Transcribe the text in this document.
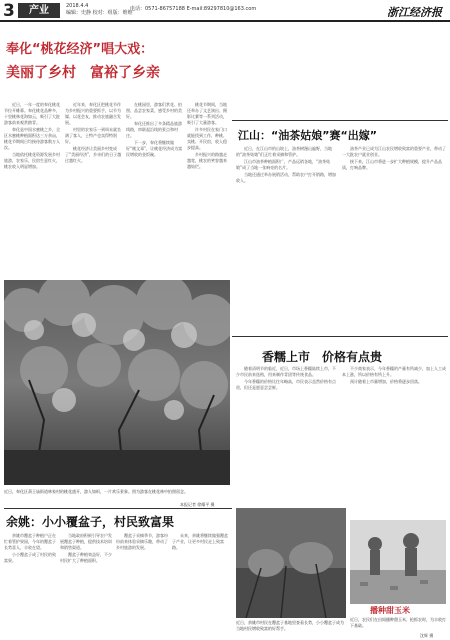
3	产业	2018.4.4
编辑：史静 校对：组版：维维
电话：0571-86757188 E-mail:89297810@163.com	浙江经济报
奉化“桃花经济”唱大戏：
美丽了乡村　富裕了乡亲

近日，一年一度的奉化桃花节拉开帷幕。奉化桃花品种多，十里桃林花海如云，吸引了大批游客前来观赏踏青。

奉化是中国水蜜桃之乡，全区水蜜桃种植面积达三万余亩，桃花节期间日均接待游客数万人次。

当地依托桃花资源发展乡村旅游，农家乐、民宿生意红火，桃农收入明显增加。

近年来，奉化区把桃花节作为乡村振兴的重要抓手，以节为媒、以花会友，推动农旅融合发展。

村里的农家乐一到周末就坐满了客人，土特产也卖得特别好。

桃花经济让美丽乡村变成了“美丽经济”，乡亲们的日子越过越红火。

在桃园里，游客们赏花、拍照、品尝农家菜，感受乡村的美好。

奉化还推出了多条精品旅游线路，串联起沿线的景点和村庄。

下一步，奉化将继续做好“桃文章”，让桃花经济成为富民增收的金饭碗。

桃花节期间，当地还举办了文艺演出、摄影比赛等一系列活动，吸引了大量游客。

许多村民在家门口就能找到工作，种桃、卖桃、开民宿，收入稳步提高。

乡村振兴的路越走越宽，桃农的笑容越来越灿烂。

江山：“油茶姑娘”赛“出嫁”

近日，在江山市的山坡上，油茶树漫山遍野，当地的“油茶姑娘”们正忙着采摘和管护。

江山市油茶种植面积广，产品远销各地，“油茶姑娘”成了当地一张响亮的名片。

当地还通过举办展销活动，帮助农户打开销路，增加收入。

油茶产业已成为江山农民增收致富的重要产业，带动了一大批农户就业创业。

接下来，江山市将进一步扩大种植规模，提升产品品质，打响品牌。

近日，奉化区萧王庙街道林家村的桃花盛开，游人如织，一片欢乐景象。图为游客在桃花林中拍照留念。
本报记者 徐耀平 摄
香糯上市　价格有点贵

随着清明节的临近，近日，市场上香糯陆续上市，不少市民前来选购，用来制作青团等传统食品。

今年香糯的价格比往年略高，市民表示虽然价格有点贵，但还是愿意尝尝鲜。

不少商家表示，今年香糯的产量有所减少，加上人工成本上涨，所以价格有所上升。

预计随着上市量增加，价格将逐步回落。

余姚：小小覆盆子，村民致富果

余姚市覆盆子种植户正在忙着管护果园，今年的覆盆子长势喜人，丰收在望。

小小覆盆子成了村民的致富果。

当地政府积极引导农户发展覆盆子种植，提供技术培训和销售渠道。

覆盆子种植效益好，不少村民扩大了种植面积。

覆盆子采摘季节，游客纷纷前来体验采摘乐趣，带动了乡村旅游的发展。

未来，余姚将继续做强覆盆子产业，让更多村民走上致富路。

近日，余姚市村民在覆盆子基地里查看长势，小小覆盆子成为当地村民增收致富的好帮手。
播种甜玉米
近日，农民们在田间播种甜玉米，抢抓农时，为丰收打下基础。
沈辉 摄
